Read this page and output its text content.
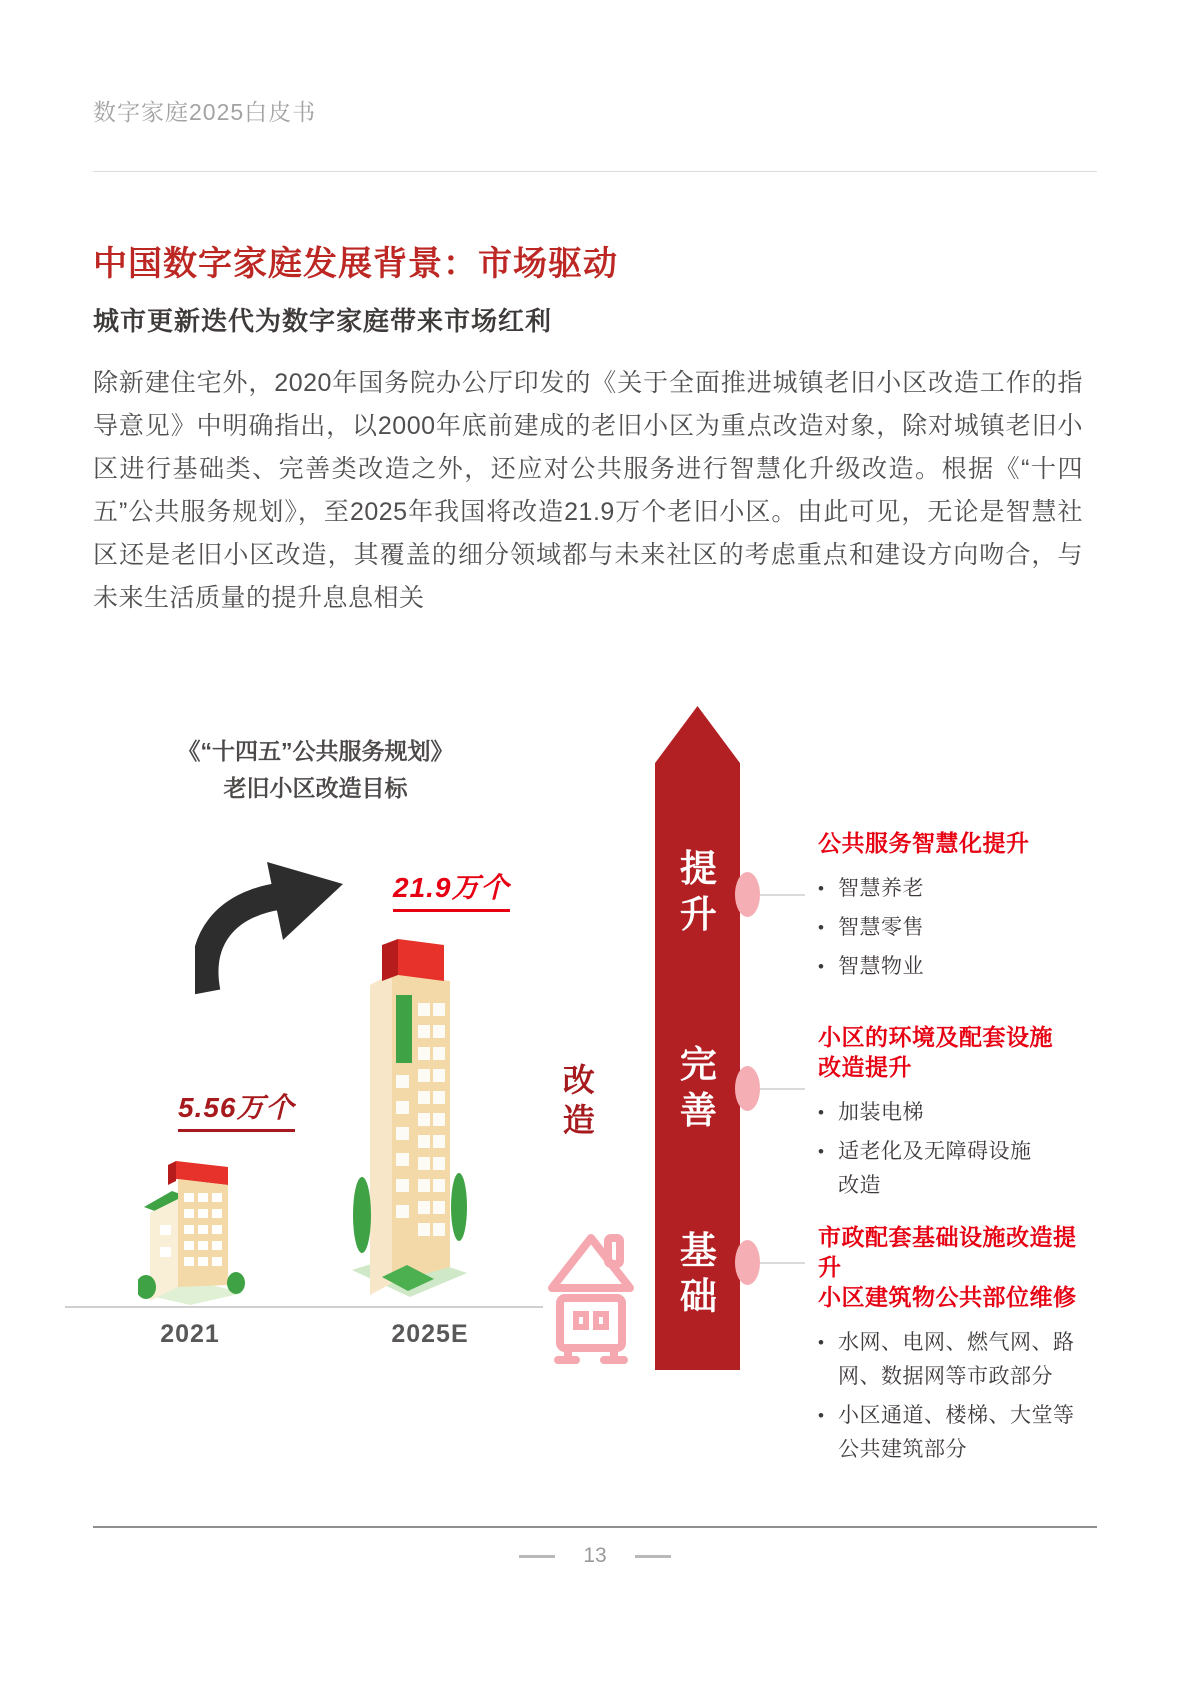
数字家庭2025白皮书
中国数字家庭发展背景：市场驱动
城市更新迭代为数字家庭带来市场红利
除新建住宅外，2020年国务院办公厅印发的《关于全面推进城镇老旧小区改造工作的指导意见》中明确指出，以2000年底前建成的老旧小区为重点改造对象，除对城镇老旧小区进行基础类、完善类改造之外，还应对公共服务进行智慧化升级改造。根据《“十四五”公共服务规划》，至2025年我国将改造21.9万个老旧小区。由此可见，无论是智慧社区还是老旧小区改造，其覆盖的细分领域都与未来社区的考虑重点和建设方向吻合，与未来生活质量的提升息息相关
《“十四五”公共服务规划》
老旧小区改造目标
21.9万个
5.56万个
2021	2025E
改造
提升
完善
基础
公共服务智慧化提升
• 智慧养老
• 智慧零售
• 智慧物业
小区的环境及配套设施
改造提升
• 加装电梯
• 适老化及无障碍设施
改造
市政配套基础设施改造提升
小区建筑物公共部位维修
• 水网、电网、燃气网、路
网、数据网等市政部分
• 小区通道、楼梯、大堂等
公共建筑部分
13
